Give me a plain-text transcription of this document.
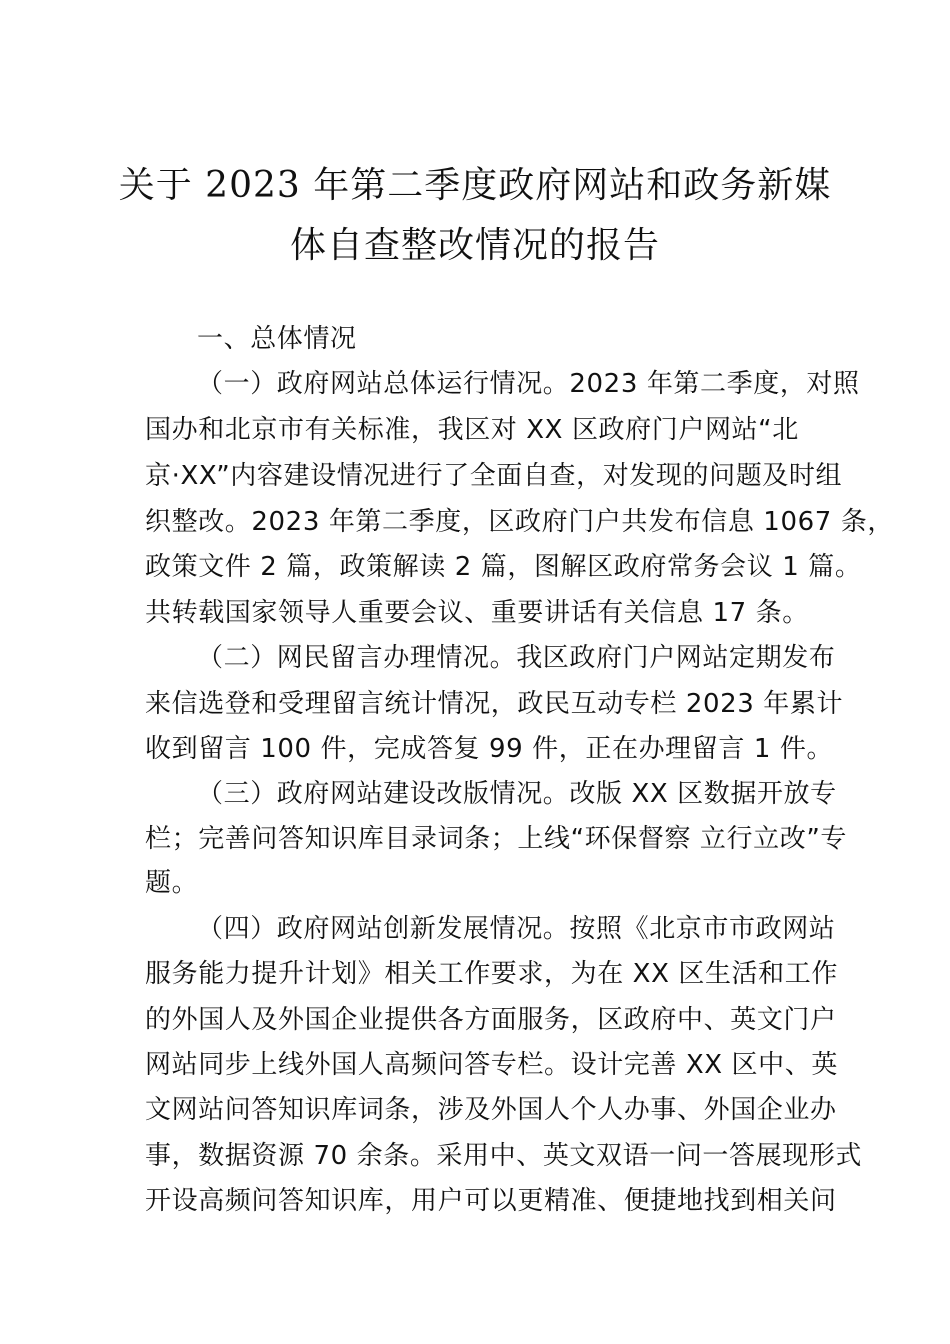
关于 2023 年第二季度政府网站和政务新媒
体自查整改情况的报告
一、总体情况
（一）政府网站总体运行情况。2023 年第二季度，对照
国办和北京市有关标准，我区对 XX 区政府门户网站“北
京·XX”内容建设情况进行了全面自查，对发现的问题及时组
织整改。2023 年第二季度，区政府门户共发布信息 1067 条，
政策文件 2 篇，政策解读 2 篇，图解区政府常务会议 1 篇。
共转载国家领导人重要会议、重要讲话有关信息 17 条。
（二）网民留言办理情况。我区政府门户网站定期发布
来信选登和受理留言统计情况，政民互动专栏 2023 年累计
收到留言 100 件，完成答复 99 件，正在办理留言 1 件。
（三）政府网站建设改版情况。改版 XX 区数据开放专
栏；完善问答知识库目录词条；上线“环保督察 立行立改”专
题。
（四）政府网站创新发展情况。按照《北京市市政网站
服务能力提升计划》相关工作要求，为在 XX 区生活和工作
的外国人及外国企业提供各方面服务，区政府中、英文门户
网站同步上线外国人高频问答专栏。设计完善 XX 区中、英
文网站问答知识库词条，涉及外国人个人办事、外国企业办
事，数据资源 70 余条。采用中、英文双语一问一答展现形式
开设高频问答知识库，用户可以更精准、便捷地找到相关问
